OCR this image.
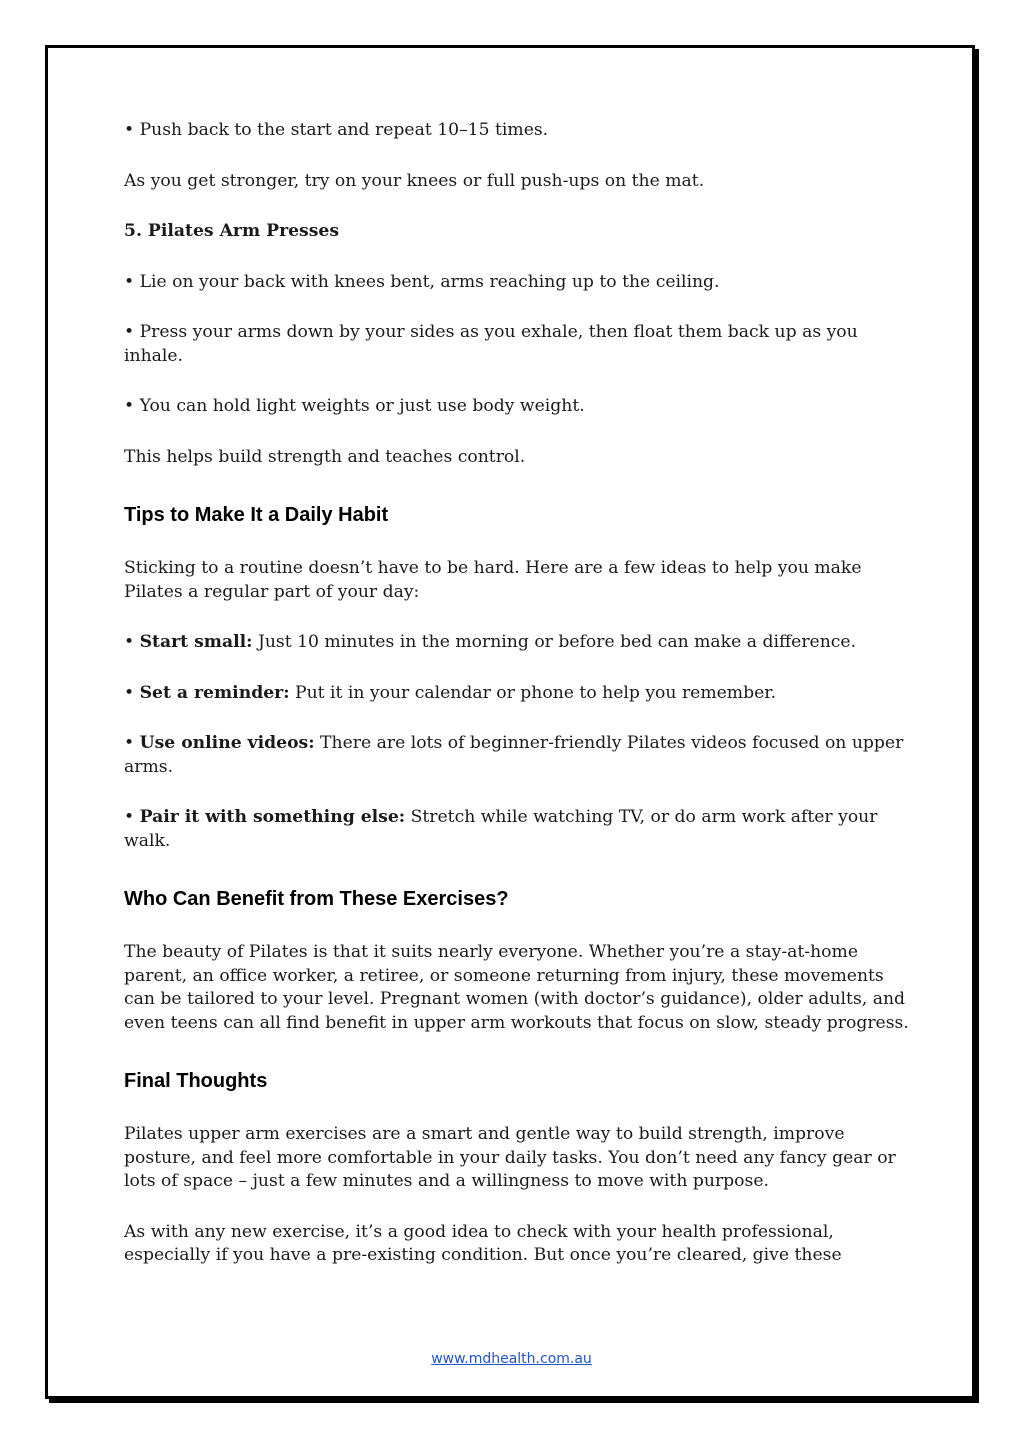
• Push back to the start and repeat 10–15 times.

As you get stronger, try on your knees or full push-ups on the mat.

5. Pilates Arm Presses

• Lie on your back with knees bent, arms reaching up to the ceiling.

• Press your arms down by your sides as you exhale, then float them back up as you inhale.

• You can hold light weights or just use body weight.

This helps build strength and teaches control.

Tips to Make It a Daily Habit

Sticking to a routine doesn’t have to be hard. Here are a few ideas to help you make Pilates a regular part of your day:

• Start small: Just 10 minutes in the morning or before bed can make a difference.

• Set a reminder: Put it in your calendar or phone to help you remember.

• Use online videos: There are lots of beginner-friendly Pilates videos focused on upper arms.

• Pair it with something else: Stretch while watching TV, or do arm work after your walk.

Who Can Benefit from These Exercises?

The beauty of Pilates is that it suits nearly everyone. Whether you’re a stay-at-home parent, an office worker, a retiree, or someone returning from injury, these movements can be tailored to your level. Pregnant women (with doctor’s guidance), older adults, and even teens can all find benefit in upper arm workouts that focus on slow, steady progress.

Final Thoughts

Pilates upper arm exercises are a smart and gentle way to build strength, improve posture, and feel more comfortable in your daily tasks. You don’t need any fancy gear or lots of space – just a few minutes and a willingness to move with purpose.

As with any new exercise, it’s a good idea to check with your health professional, especially if you have a pre-existing condition. But once you’re cleared, give these

www.mdhealth.com.au
